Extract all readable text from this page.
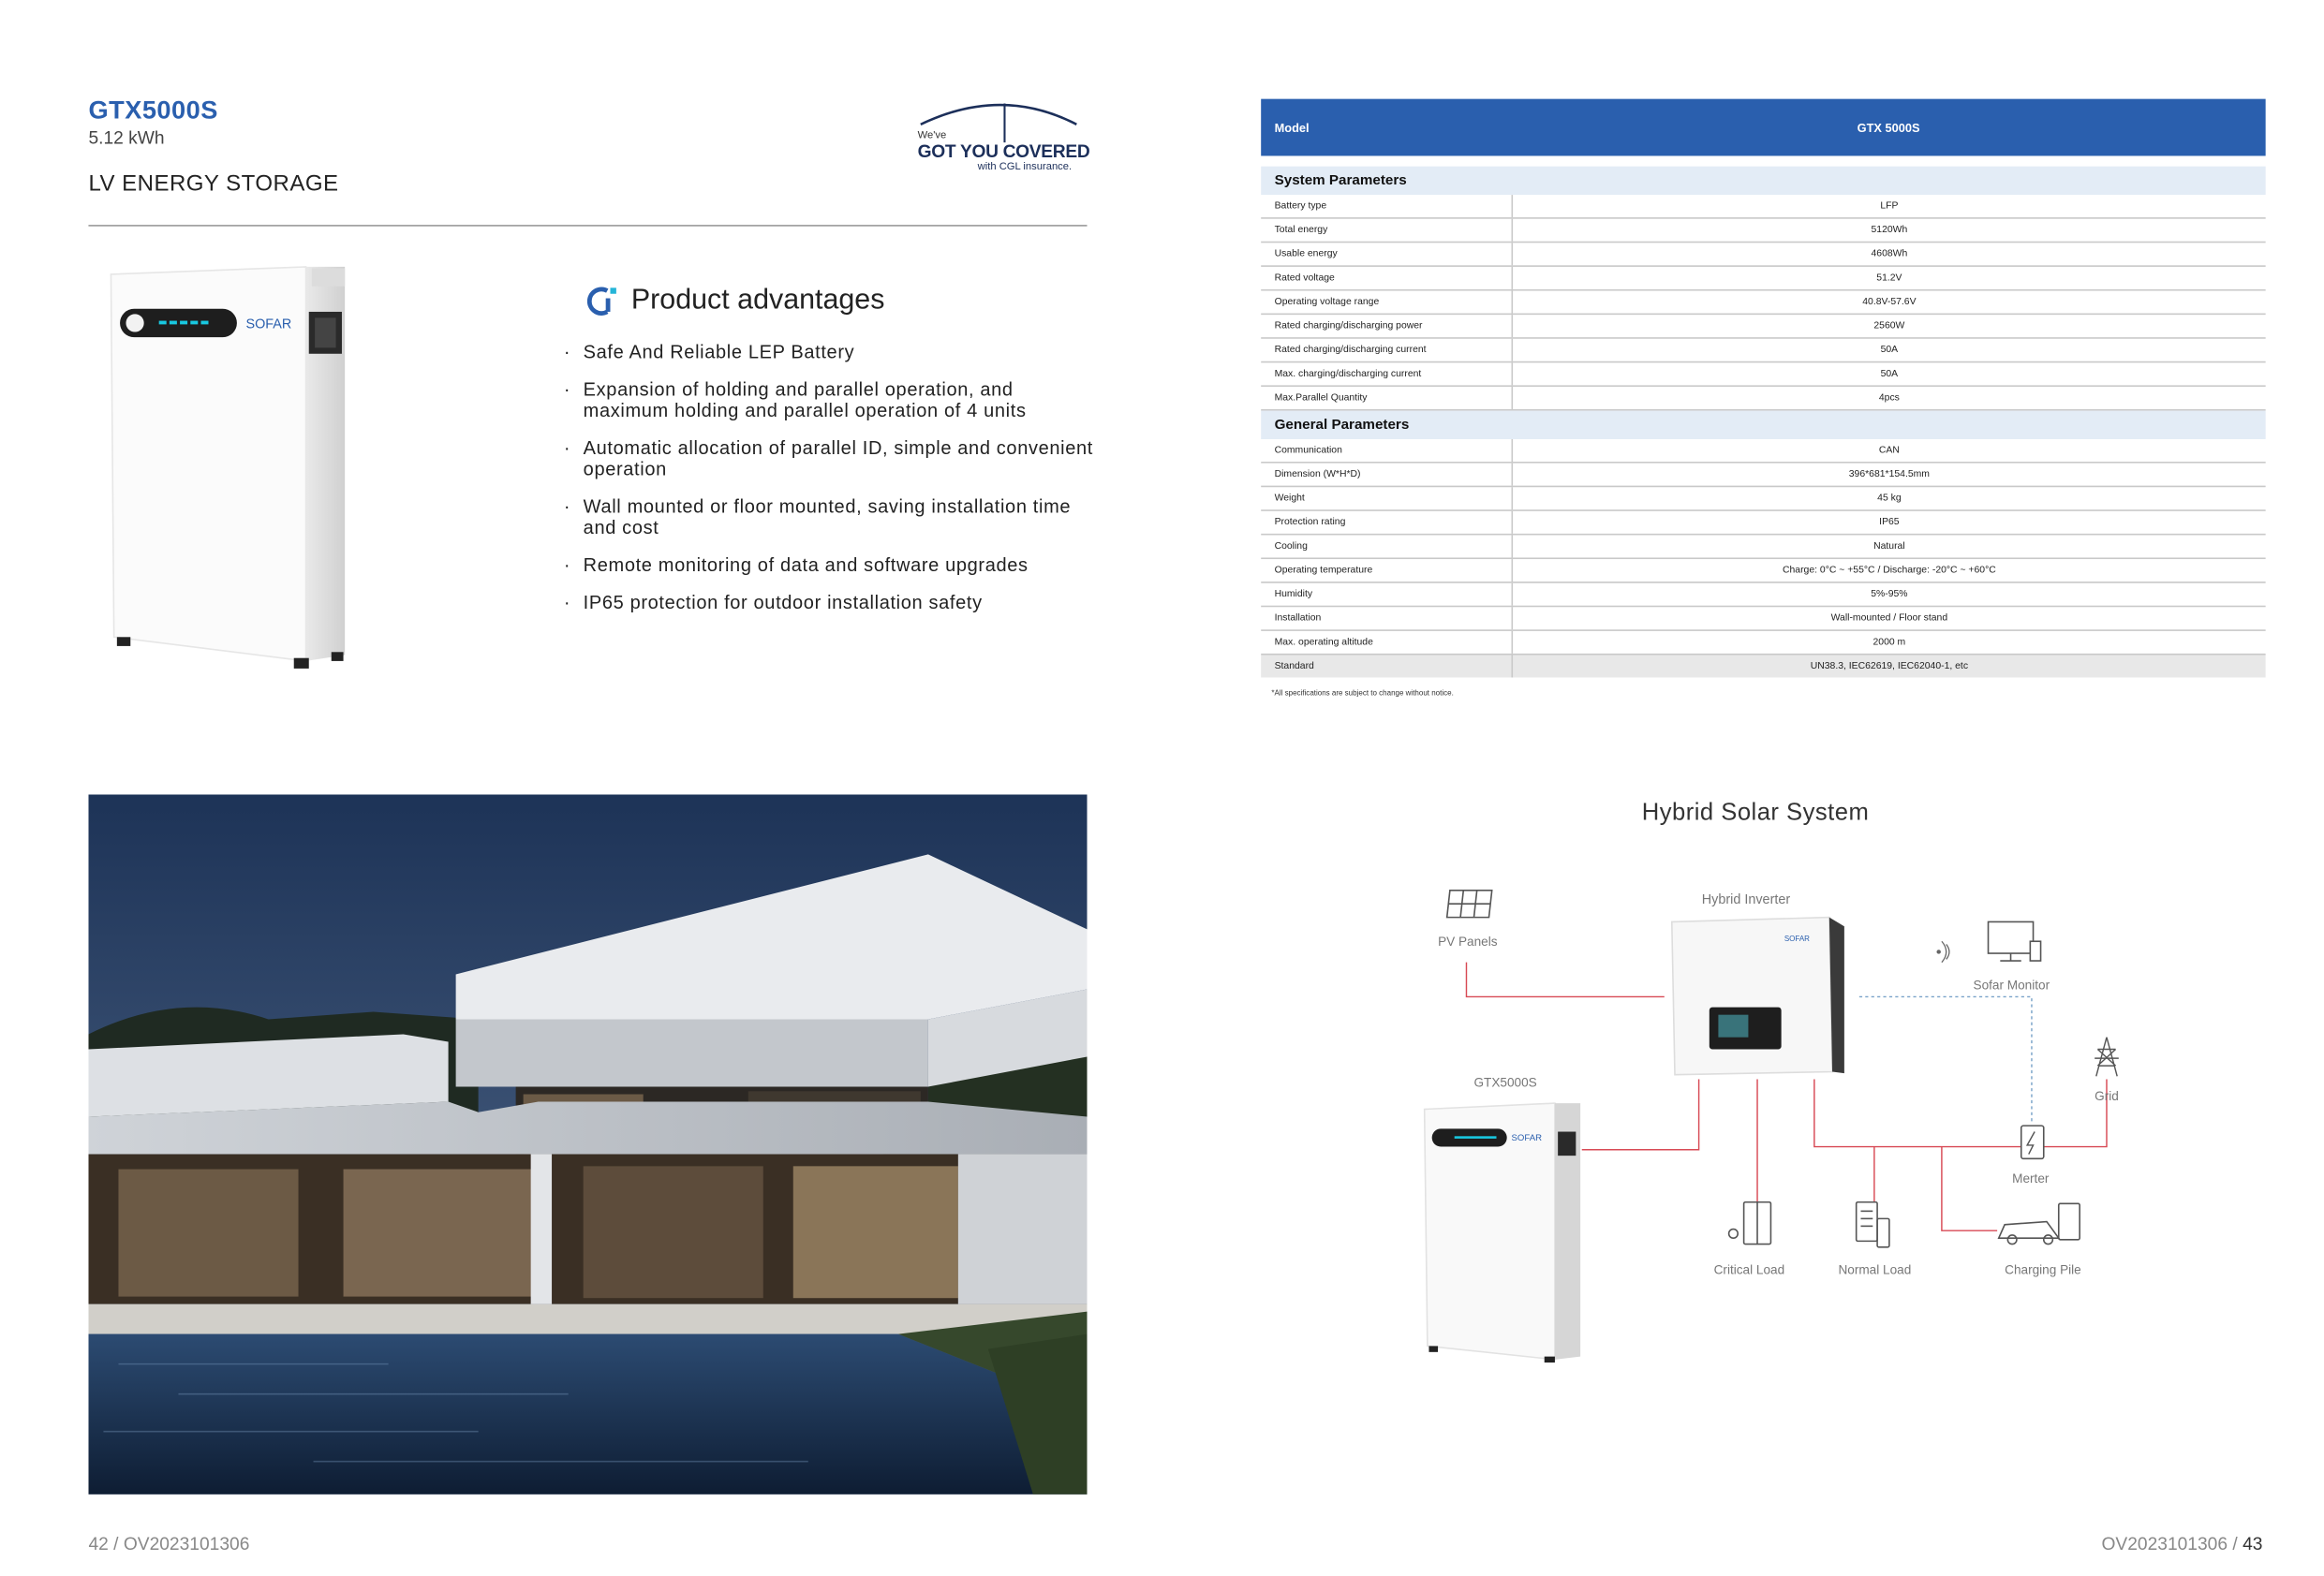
GTX5000S
5.12 kWh
LV ENERGY STORAGE
We've
GOT YOU COVERED
with CGL insurance.
SOFAR
Product advantages
· Safe And Reliable LEP Battery
· Expansion of holding and parallel operation, and maximum holding and parallel operation of 4 units
· Automatic allocation of parallel ID, simple and convenient operation
· Wall mounted or floor mounted, saving installation time and cost
· Remote monitoring of data and software upgrades
· IP65 protection for outdoor installation safety
42 / OV2023101306
Model	GTX 5000S
System Parameters
Battery type	LFP
Total energy	5120Wh
Usable energy	4608Wh
Rated voltage	51.2V
Operating voltage range	40.8V-57.6V
Rated charging/discharging power	2560W
Rated charging/discharging current	50A
Max. charging/discharging current	50A
Max.Parallel Quantity	4pcs
General Parameters
Communication	CAN
Dimension (W*H*D)	396*681*154.5mm
Weight	45 kg
Protection rating	IP65
Cooling	Natural
Operating temperature	Charge: 0°C ~ +55°C / Discharge: -20°C ~ +60°C
Humidity	5%-95%
Installation	Wall-mounted / Floor stand
Max. operating altitude	2000 m
Standard	UN38.3, IEC62619, IEC62040-1, etc
*All specifications are subject to change without notice.
Hybrid Solar System
PV Panels
Hybrid Inverter
SOFAR
Sofar Monitor
Grid
Merter
GTX5000S
SOFAR
Critical Load	Normal Load	Charging Pile
OV2023101306 / 43
